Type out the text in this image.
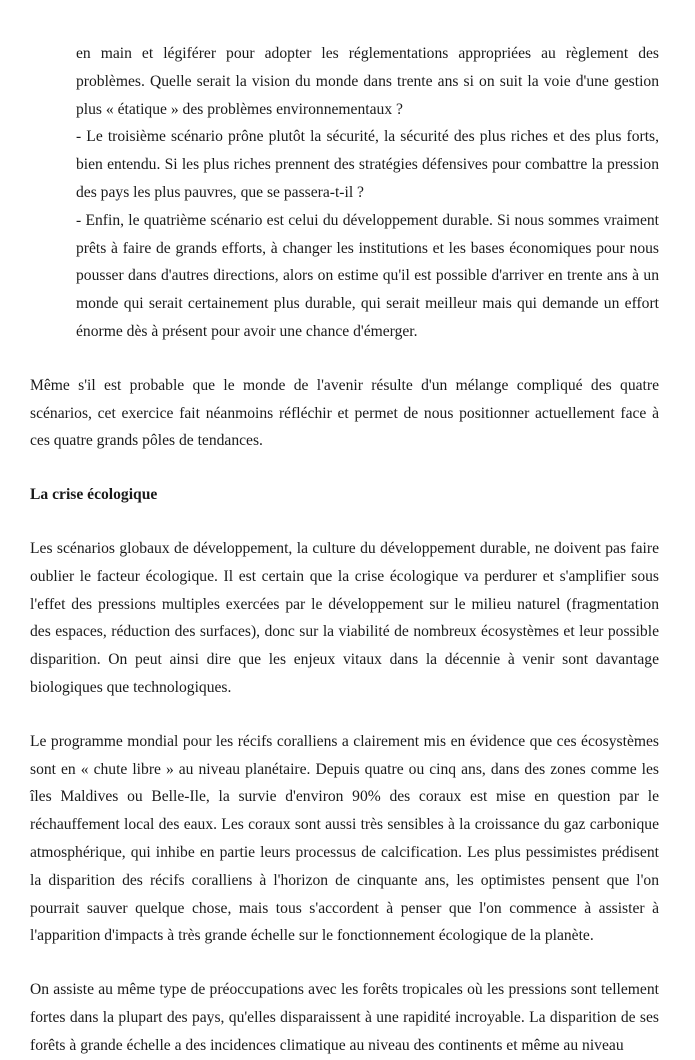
en main et légiférer pour adopter les réglementations appropriées au règlement des problèmes. Quelle serait la vision du monde dans trente ans si on suit la voie d'une gestion plus « étatique » des problèmes environnementaux ?

- Le troisième scénario prône plutôt la sécurité, la sécurité des plus riches et des plus forts, bien entendu. Si les plus riches prennent des stratégies défensives pour combattre la pression des pays les plus pauvres, que se passera-t-il ?

- Enfin, le quatrième scénario est celui du développement durable. Si nous sommes vraiment prêts à faire de grands efforts, à changer les institutions et les bases économiques pour nous pousser dans d'autres directions, alors on estime qu'il est possible d'arriver en trente ans à un monde qui serait certainement plus durable, qui serait meilleur mais qui demande un effort énorme dès à présent pour avoir une chance d'émerger.

Même s'il est probable que le monde de l'avenir résulte d'un mélange compliqué des quatre scénarios, cet exercice fait néanmoins réfléchir et permet de nous positionner actuellement face à ces quatre grands pôles de tendances.

La crise écologique

Les scénarios globaux de développement, la culture du développement durable, ne doivent pas faire oublier le facteur écologique. Il est certain que la crise écologique va perdurer et s'amplifier sous l'effet des pressions multiples exercées par le développement sur le milieu naturel (fragmentation des espaces, réduction des surfaces), donc sur la viabilité de nombreux écosystèmes et leur possible disparition. On peut ainsi dire que les enjeux vitaux dans la décennie à venir sont davantage biologiques que technologiques.

Le programme mondial pour les récifs coralliens a clairement mis en évidence que ces écosystèmes sont en « chute libre » au niveau planétaire. Depuis quatre ou cinq ans, dans des zones comme les îles Maldives ou Belle-Ile, la survie d'environ 90% des coraux est mise en question par le réchauffement local des eaux. Les coraux sont aussi très sensibles à la croissance du gaz carbonique atmosphérique, qui inhibe en partie leurs processus de calcification. Les plus pessimistes prédisent la disparition des récifs coralliens à l'horizon de cinquante ans, les optimistes pensent que l'on pourrait sauver quelque chose, mais tous s'accordent à penser que l'on commence à assister à l'apparition d'impacts à très grande échelle sur le fonctionnement écologique de la planète.

On assiste au même type de préoccupations avec les forêts tropicales où les pressions sont tellement fortes dans la plupart des pays, qu'elles disparaissent à une rapidité incroyable. La disparition de ses forêts à grande échelle a des incidences climatique au niveau des continents et même au niveau
